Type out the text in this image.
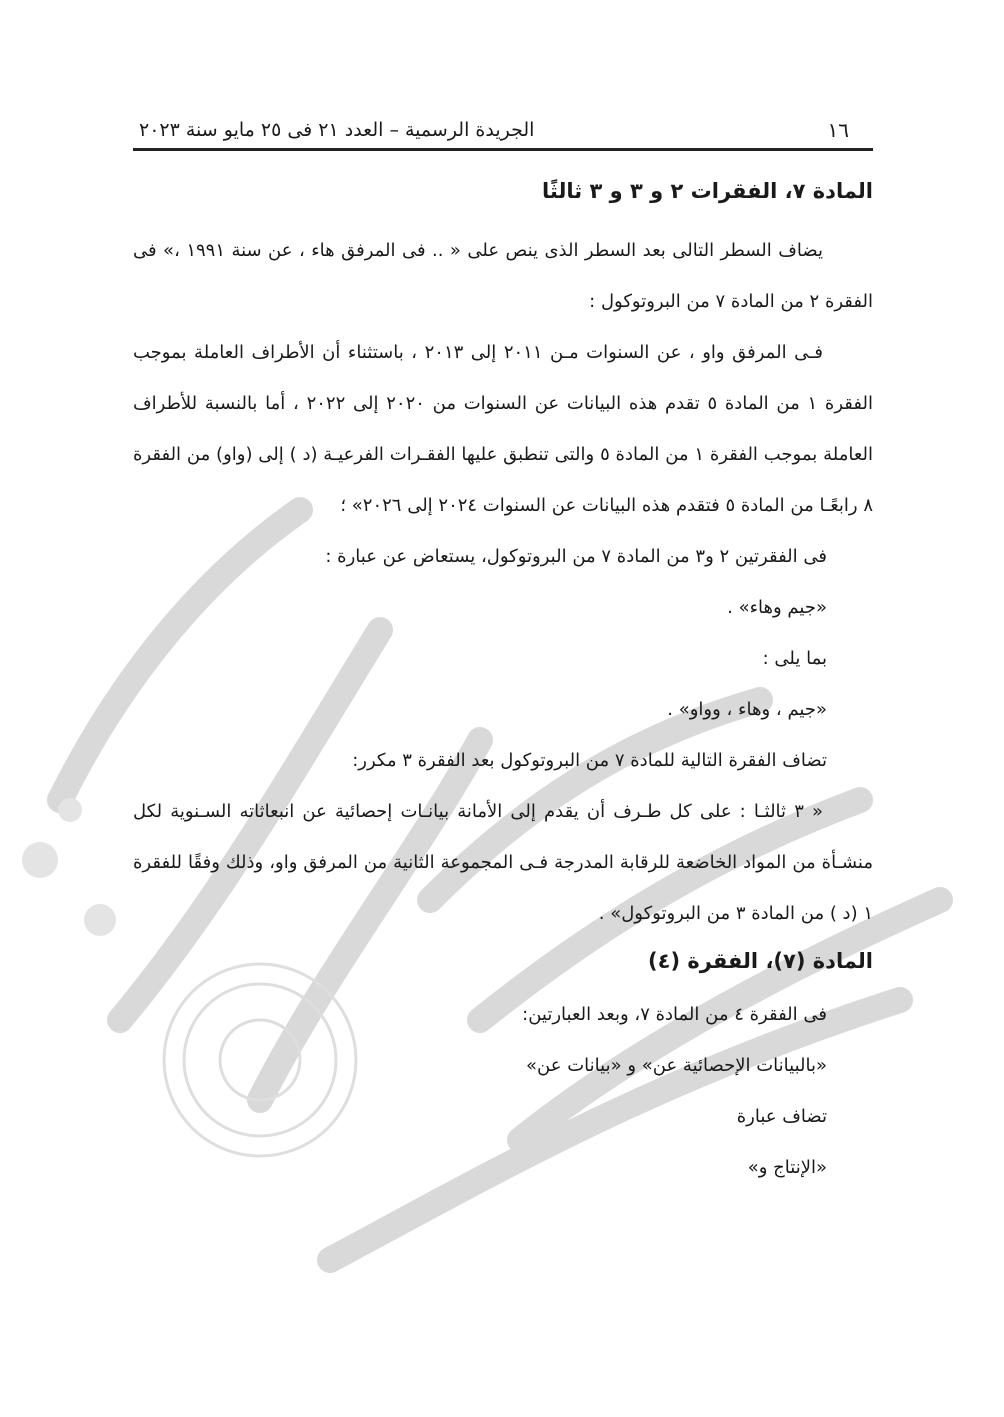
١٦
الجريدة الرسمية – العدد ٢١ فى ٢٥ مايو سنة ٢٠٢٣
المادة ٧، الفقرات ٢ و ٣ و ٣ ثالثًا

يضاف السطر التالى بعد السطر الذى ينص على « .. فى المرفق هاء ، عن سنة ١٩٩١ ،» فى الفقرة ٢ من المادة ٧ من البروتوكول :

فـى المرفق واو ، عن السنوات مـن ٢٠١١ إلى ٢٠١٣ ، باستثناء أن الأطراف العاملة بموجب الفقرة ١ من المادة ٥ تقدم هذه البيانات عن السنوات من ٢٠٢٠ إلى ٢٠٢٢ ، أما بالنسبة للأطراف العاملة بموجب الفقرة ١ من المادة ٥ والتى تنطبق عليها الفقـرات الفرعيـة (د ) إلى (واو) من الفقرة ٨ رابعًـا من المادة ٥ فتقدم هذه البيانات عن السنوات ٢٠٢٤ إلى ٢٠٢٦» ؛

فى الفقرتين ٢ و٣ من المادة ٧ من البروتوكول، يستعاض عن عبارة :

«جيم وهاء» .

بما يلى :

«جيم ، وهاء ، وواو» .

تضاف الفقرة التالية للمادة ٧ من البروتوكول بعد الفقرة ٣ مكرر:

« ٣ ثالثـا : على كل طـرف أن يقدم إلى الأمانة بيانـات إحصائية عن انبعاثاته السـنوية لكل منشـأة من المواد الخاضعة للرقابة المدرجة فـى المجموعة الثانية من المرفق واو، وذلك وفقًا للفقرة ١ (د ) من المادة ٣ من البروتوكول» .

المادة (٧)، الفقرة (٤)

فى الفقرة ٤ من المادة ٧، وبعد العبارتين:

«بالبيانات الإحصائية عن» و «بيانات عن»

تضاف عبارة

«الإنتاج و»
